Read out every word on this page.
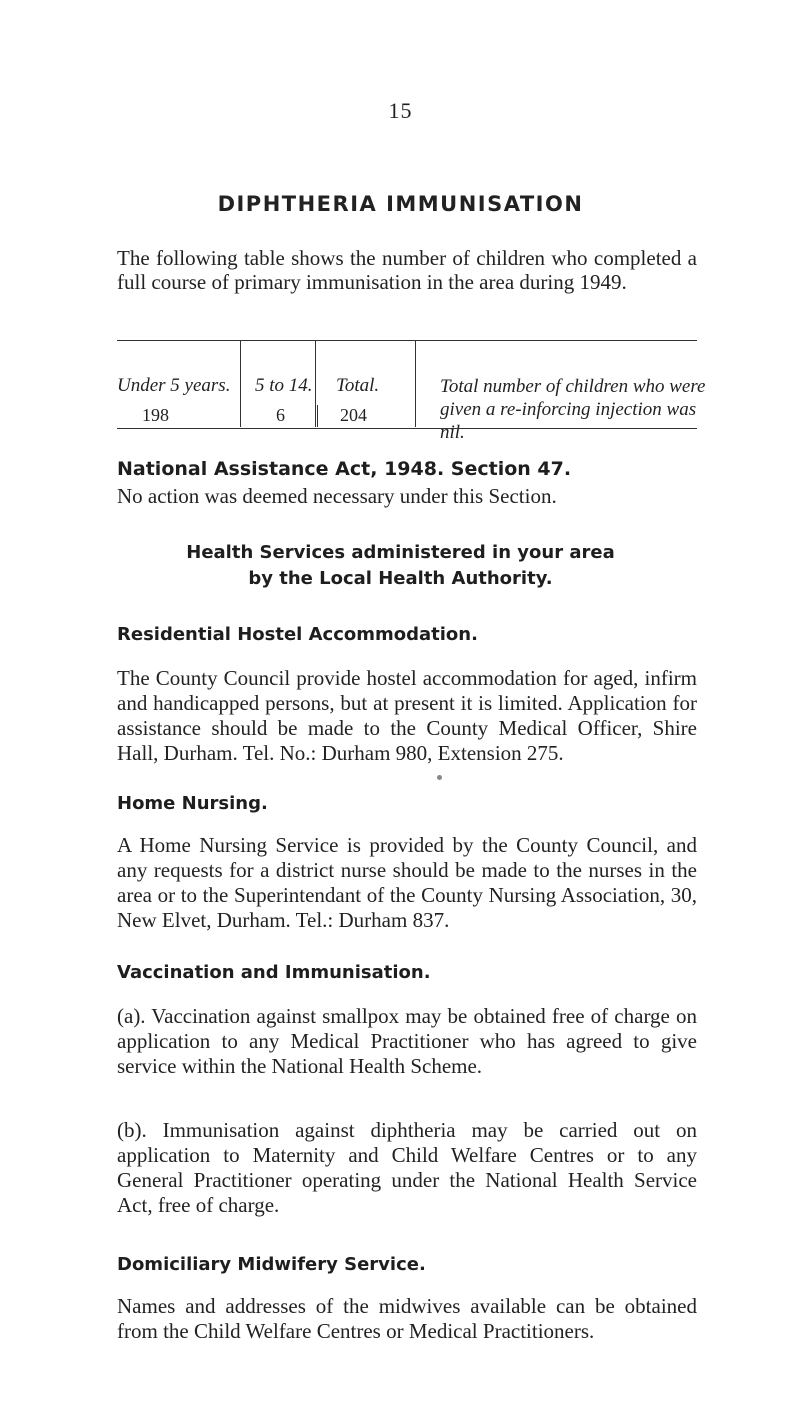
15
DIPHTHERIA IMMUNISATION
The following table shows the number of children who completed a full course of primary immunisation in the area during 1949.
Under 5 years. 5 to 14. Total.
198	6	204
Total number of children who were given a re-inforcing injection was nil.
National Assistance Act, 1948. Section 47.
No action was deemed necessary under this Section.
Health Services administered in your area
by the Local Health Authority.
Residential Hostel Accommodation.
The County Council provide hostel accommodation for aged, infirm and handicapped persons, but at present it is limited. Application for assistance should be made to the County Medical Officer, Shire Hall, Durham. Tel. No.: Durham 980, Extension 275.
Home Nursing.
A Home Nursing Service is provided by the County Council, and any requests for a district nurse should be made to the nurses in the area or to the Superintendant of the County Nursing Association, 30, New Elvet, Durham. Tel.: Durham 837.
Vaccination and Immunisation.
(a). Vaccination against smallpox may be obtained free of charge on application to any Medical Practitioner who has agreed to give service within the National Health Scheme.
(b). Immunisation against diphtheria may be carried out on application to Maternity and Child Welfare Centres or to any General Practitioner operating under the National Health Service Act, free of charge.
Domiciliary Midwifery Service.
Names and addresses of the midwives available can be obtained from the Child Welfare Centres or Medical Practitioners.
